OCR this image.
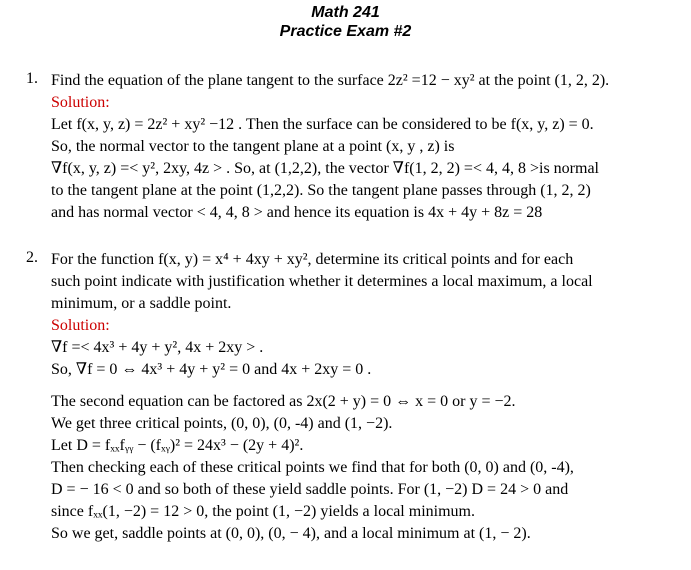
Math 241
Practice Exam #2
1. Find the equation of the plane tangent to the surface 2z² =12 − xy² at the point (1, 2, 2).
Solution:
Let f(x, y, z) = 2z² + xy² −12 . Then the surface can be considered to be f(x, y, z) = 0.
So, the normal vector to the tangent plane at a point (x, y , z) is
∇f(x, y, z) =< y², 2xy, 4z > . So, at (1,2,2), the vector ∇f(1, 2, 2) =< 4, 4, 8 >is normal
to the tangent plane at the point (1,2,2). So the tangent plane passes through (1, 2, 2)
and has normal vector < 4, 4, 8 > and hence its equation is 4x + 4y + 8z = 28
2. For the function f(x, y) = x⁴ + 4xy + xy², determine its critical points and for each
such point indicate with justification whether it determines a local maximum, a local
minimum, or a saddle point.
Solution:
∇f =< 4x³ + 4y + y², 4x + 2xy > .
So, ∇f = 0 ⇔ 4x³ + 4y + y² = 0 and 4x + 2xy = 0 .
The second equation can be factored as 2x(2 + y) = 0 ⇔ x = 0 or y = −2.
We get three critical points, (0, 0), (0, -4) and (1, −2).
Let D = fₓₓfᵧᵧ − (fₓᵧ)² = 24x³ − (2y + 4)².
Then checking each of these critical points we find that for both (0, 0) and (0, -4),
D = − 16 < 0 and so both of these yield saddle points. For (1, −2) D = 24 > 0 and
since fₓₓ(1, −2) = 12 > 0, the point (1, −2) yields a local minimum.
So we get, saddle points at (0, 0), (0, − 4), and a local minimum at (1, − 2).
